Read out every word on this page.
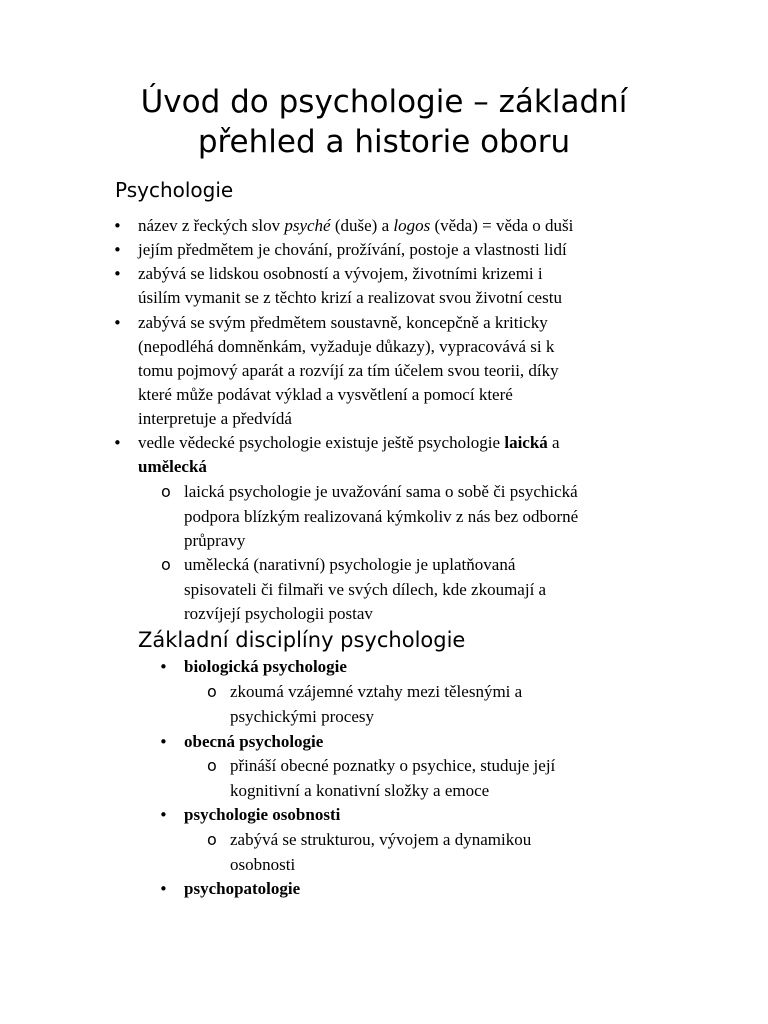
Úvod do psychologie – základní
přehled a historie oboru
Psychologie
• název z řeckých slov psyché (duše) a logos (věda) = věda o duši
• jejím předmětem je chování, prožívání, postoje a vlastnosti lidí
• zabývá se lidskou osobností a vývojem, životními krizemi i
úsilím vymanit se z těchto krizí a realizovat svou životní cestu
• zabývá se svým předmětem soustavně, koncepčně a kriticky
(nepodléhá domněnkám, vyžaduje důkazy), vypracovává si k
tomu pojmový aparát a rozvíjí za tím účelem svou teorii, díky
které může podávat výklad a vysvětlení a pomocí které
interpretuje a předvídá
• vedle vědecké psychologie existuje ještě psychologie laická a
umělecká
o laická psychologie je uvažování sama o sobě či psychická
podpora blízkým realizovaná kýmkoliv z nás bez odborné
průpravy
o umělecká (narativní) psychologie je uplatňovaná
spisovateli či filmaři ve svých dílech, kde zkoumají a
rozvíjejí psychologii postav
Základní disciplíny psychologie
• biologická psychologie
o zkoumá vzájemné vztahy mezi tělesnými a
psychickými procesy
• obecná psychologie
o přináší obecné poznatky o psychice, studuje její
kognitivní a konativní složky a emoce
• psychologie osobnosti
o zabývá se strukturou, vývojem a dynamikou
osobnosti
• psychopatologie
